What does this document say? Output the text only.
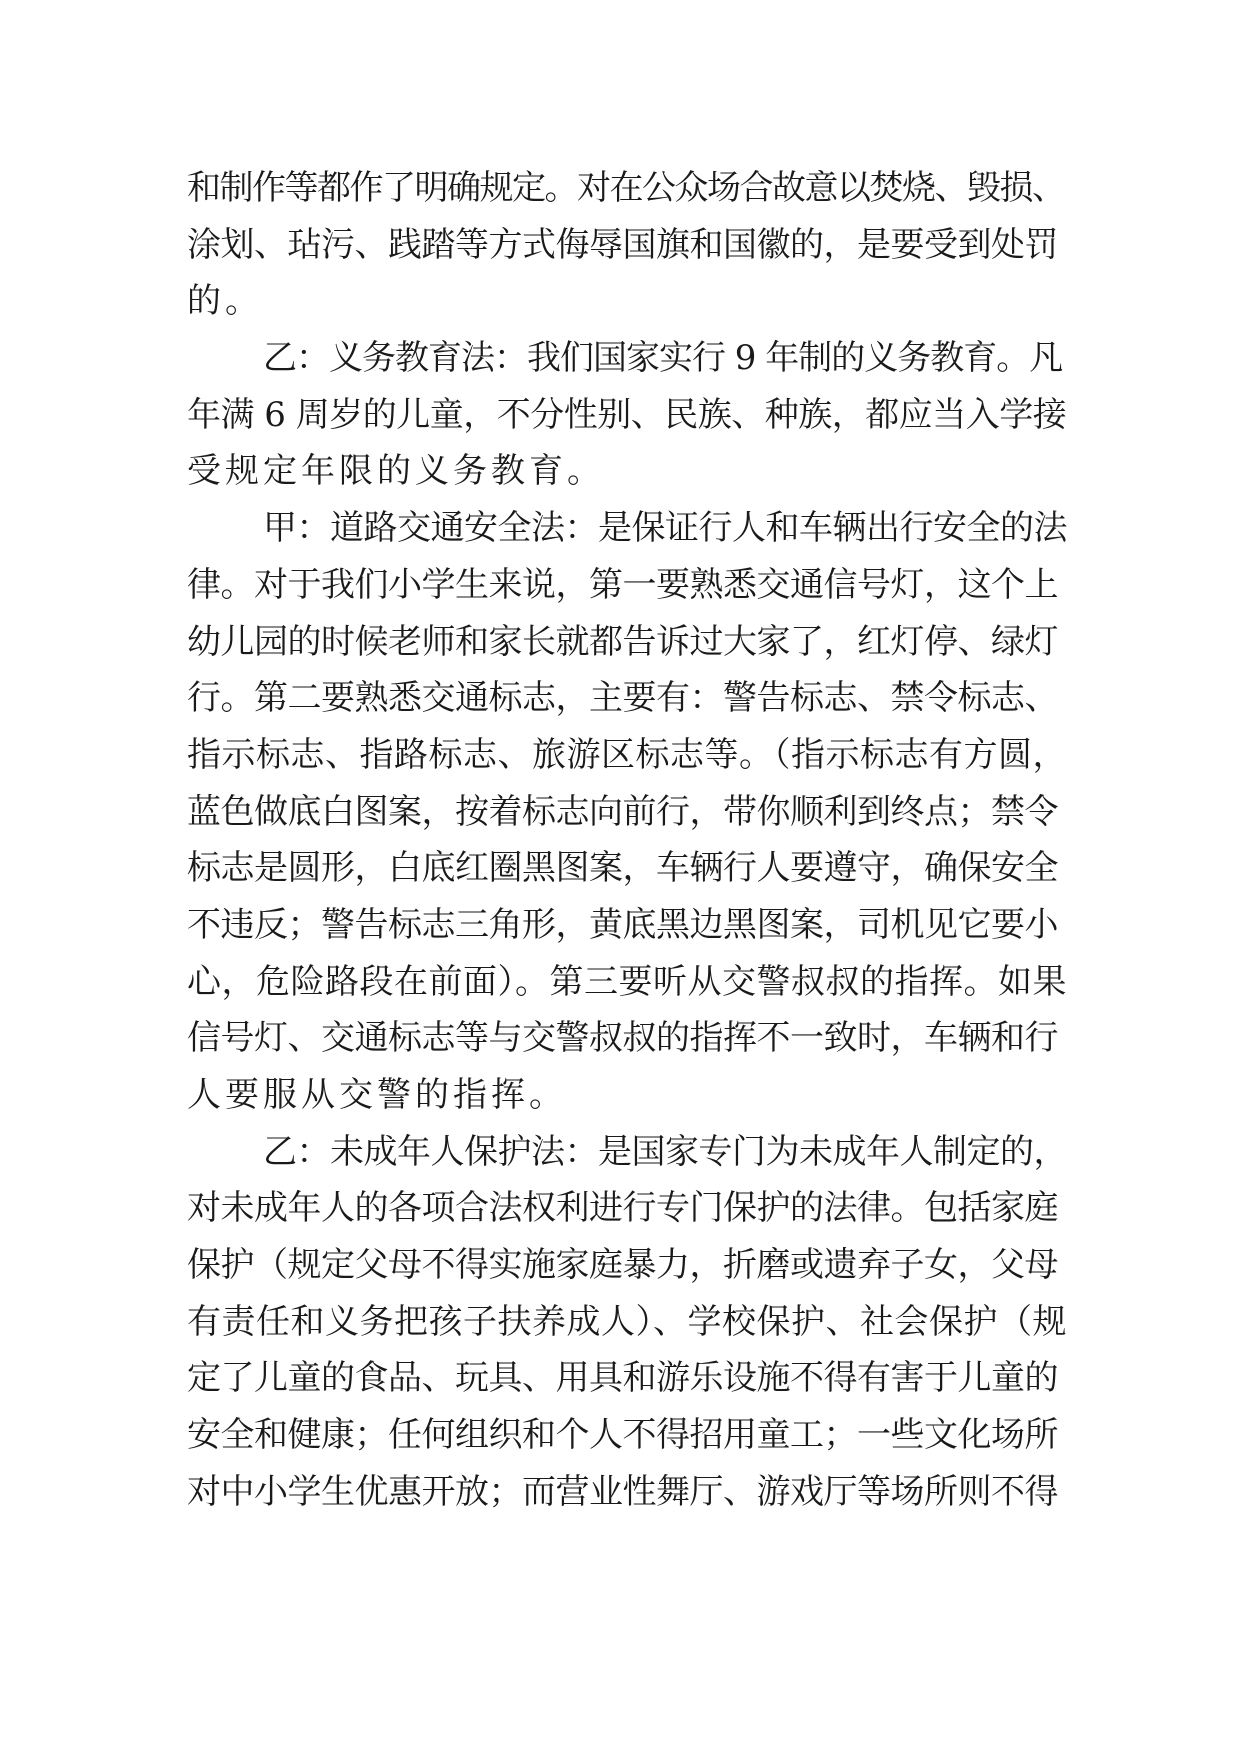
和制作等都作了明确规定。对在公众场合故意以焚烧、毁损、
涂划、玷污、践踏等方式侮辱国旗和国徽的，是要受到处罚
的。

乙：义务教育法：我们国家实行 9 年制的义务教育。凡
年满 6 周岁的儿童，不分性别、民族、种族，都应当入学接
受规定年限的义务教育。

甲：道路交通安全法：是保证行人和车辆出行安全的法
律。对于我们小学生来说，第一要熟悉交通信号灯，这个上
幼儿园的时候老师和家长就都告诉过大家了，红灯停、绿灯
行。第二要熟悉交通标志，主要有：警告标志、禁令标志、
指示标志、指路标志、旅游区标志等。（指示标志有方圆，
蓝色做底白图案，按着标志向前行，带你顺利到终点；禁令
标志是圆形，白底红圈黑图案，车辆行人要遵守，确保安全
不违反；警告标志三角形，黄底黑边黑图案，司机见它要小
心，危险路段在前面）。第三要听从交警叔叔的指挥。如果
信号灯、交通标志等与交警叔叔的指挥不一致时，车辆和行
人要服从交警的指挥。

乙：未成年人保护法：是国家专门为未成年人制定的，
对未成年人的各项合法权利进行专门保护的法律。包括家庭
保护（规定父母不得实施家庭暴力，折磨或遗弃子女，父母
有责任和义务把孩子扶养成人）、学校保护、社会保护（规
定了儿童的食品、玩具、用具和游乐设施不得有害于儿童的
安全和健康；任何组织和个人不得招用童工；一些文化场所
对中小学生优惠开放；而营业性舞厅、游戏厅等场所则不得
